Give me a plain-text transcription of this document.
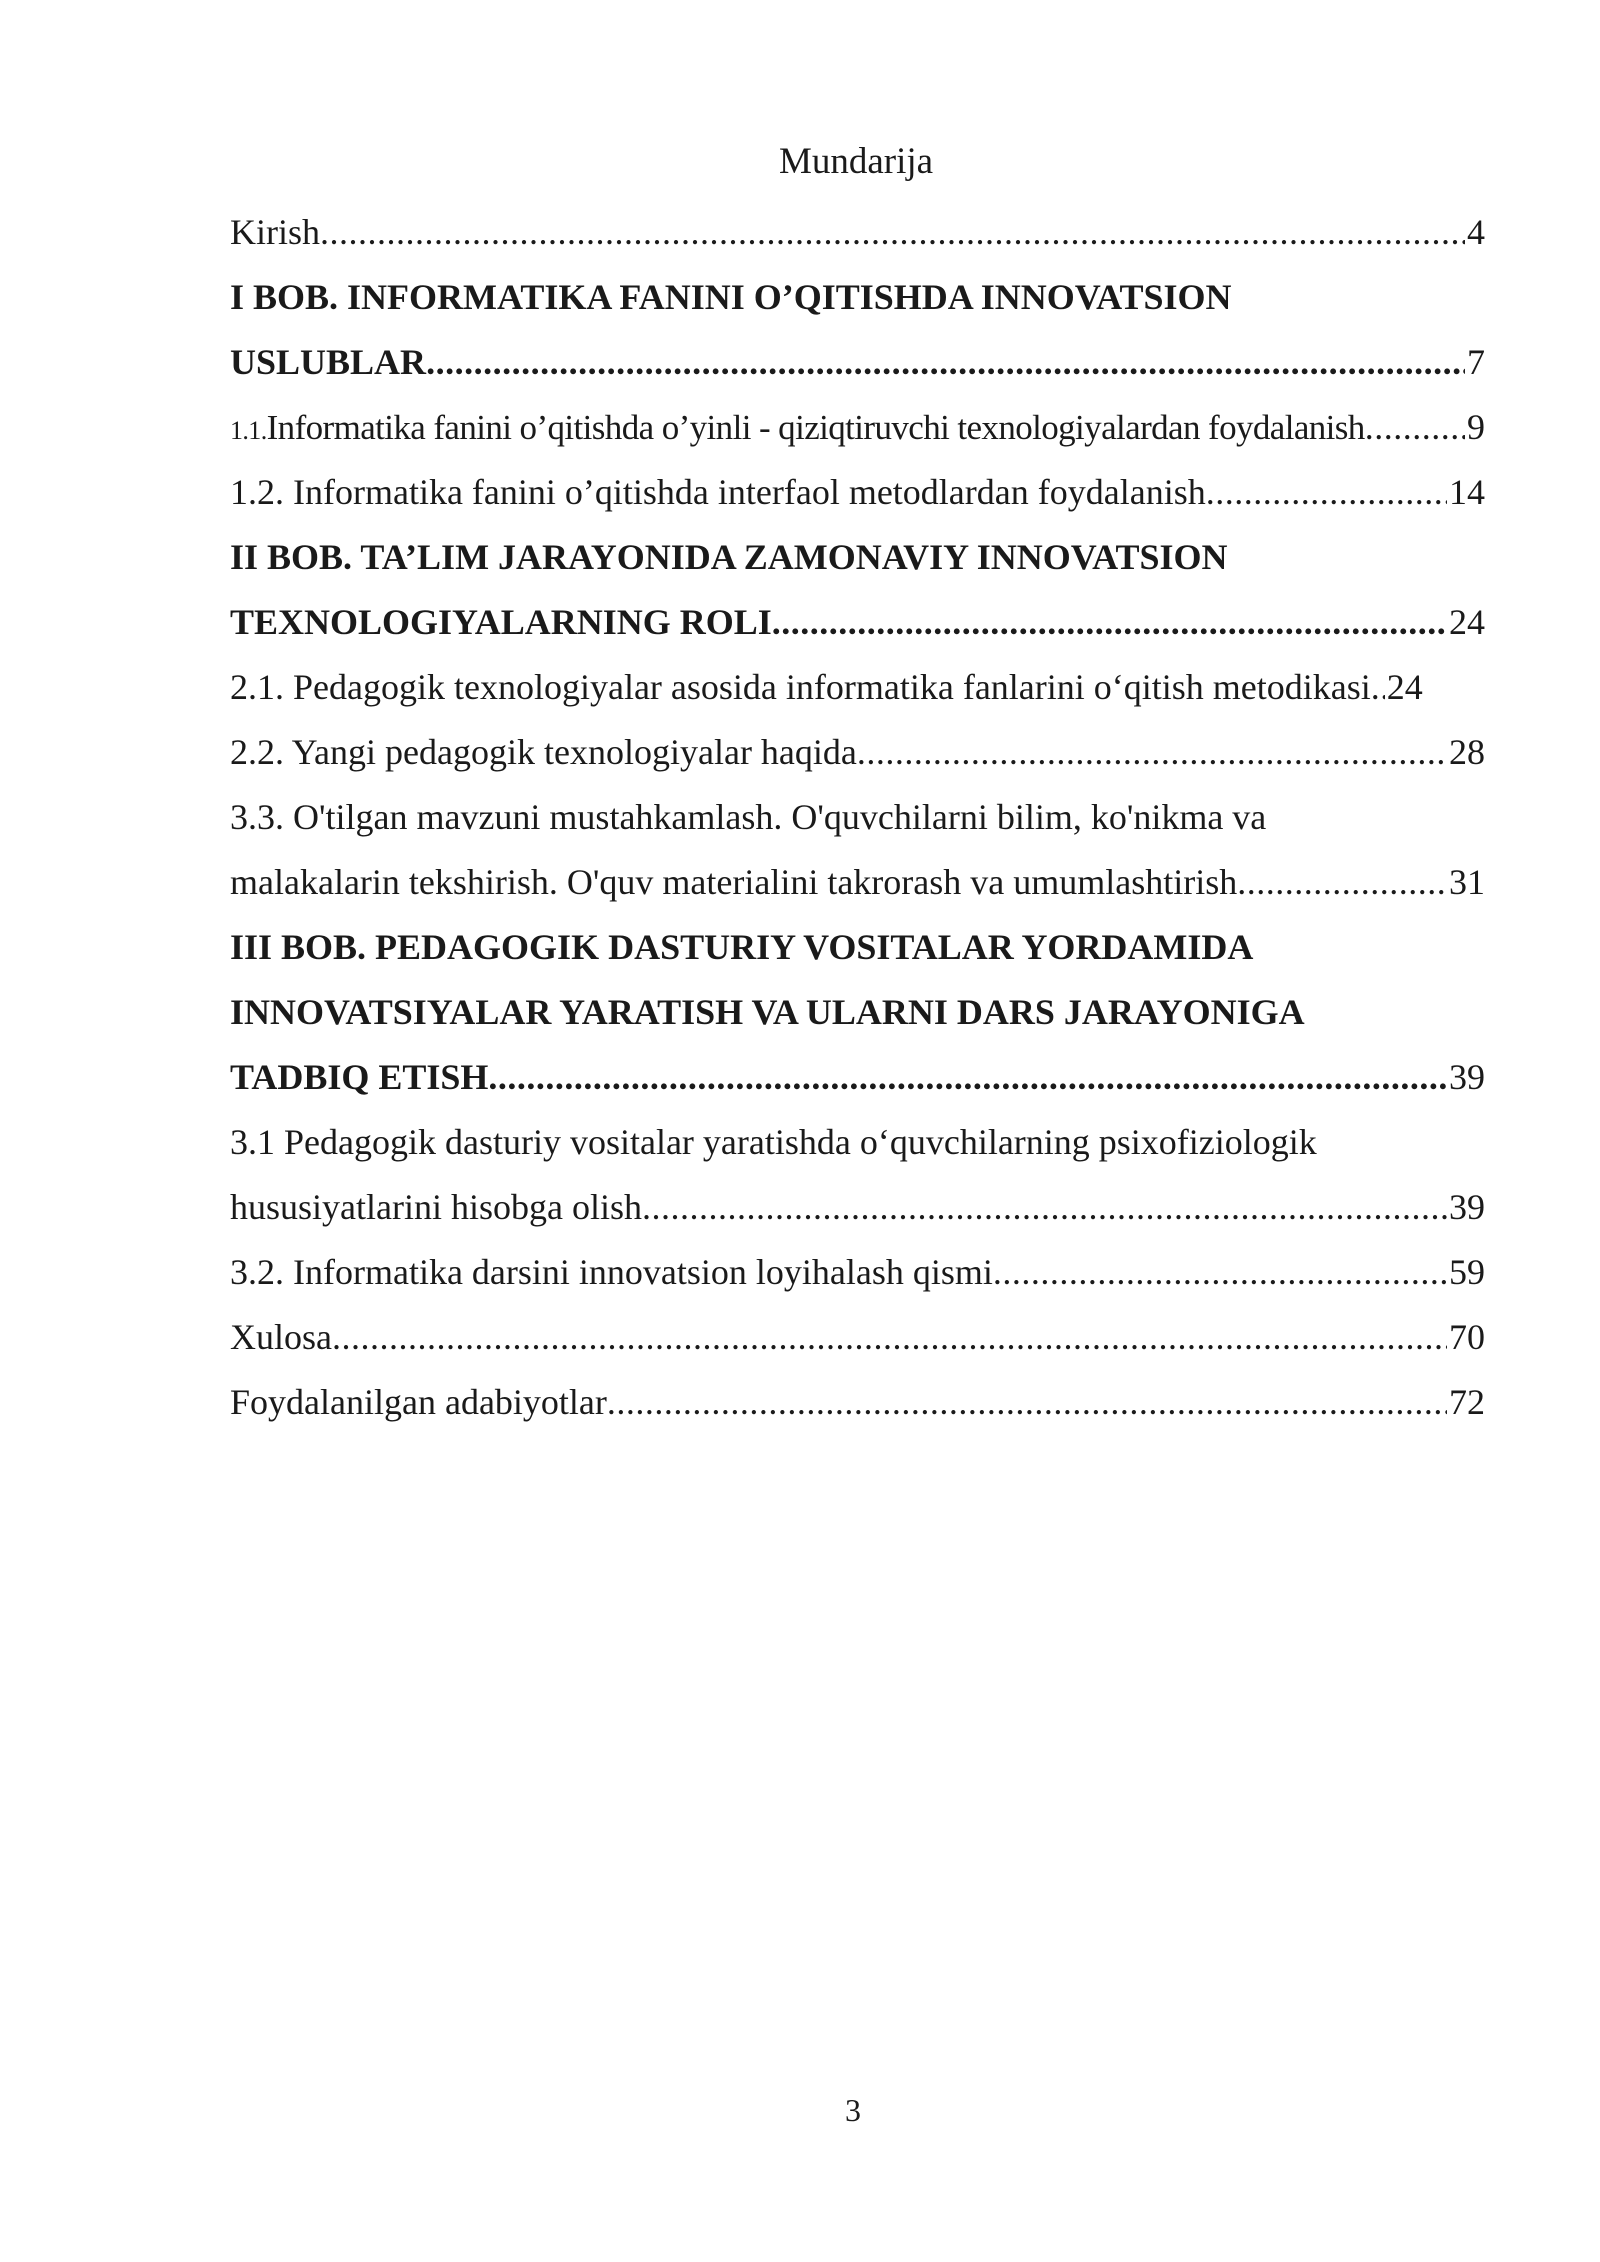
Mundarija
Kirish .....	4
I BOB. INFORMATIKA FANINI O’QITISHDA INNOVATSION
USLUBLAR .....	7
1.1.Informatika fanini o’qitishda o’yinli - qiziqtiruvchi texnologiyalardan foydalanish .....	9
1.2. Informatika fanini o’qitishda interfaol metodlardan foydalanish .....	14
II BOB. TA’LIM JARAYONIDA ZAMONAVIY INNOVATSION
TEXNOLOGIYALARNING ROLI .....	24
2.1. Pedagogik texnologiyalar asosida informatika fanlarini o‘qitish metodikasi ..... 24
2.2. Yangi pedagogik texnologiyalar haqida .....	28
3.3. O'tilgan mavzuni mustahkamlash. O'quvchilarni bilim, ko'nikma va
malakalarin tekshirish. O'quv materialini takrorash va umumlashtirish .....	31
III BOB. PEDAGOGIK DASTURIY VOSITALAR YORDAMIDA
INNOVATSIYALAR YARATISH VA ULARNI DARS JARAYONIGA
TADBIQ ETISH .....	39
3.1 Pedagogik dasturiy vositalar yaratishda o‘quvchilarning psixofiziologik
hususiyatlarini hisobga olish .....	39
3.2. Informatika darsini innovatsion loyihalash qismi .....	59
Xulosa .....	70
Foydalanilgan adabiyotlar .....	72
3
